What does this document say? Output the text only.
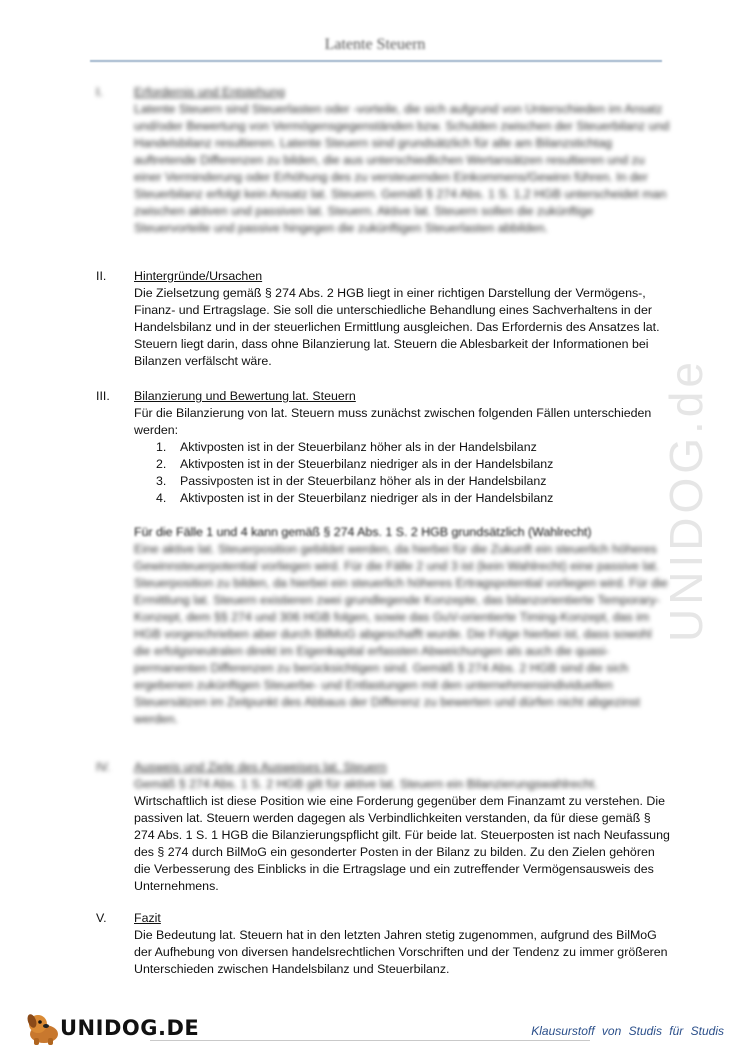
Latente Steuern
I.	Erfordernis und Entstehung
Latente Steuern sind Steuerlasten oder -vorteile, die sich aufgrund von Unterschieden im Ansatz und/oder Bewertung von Vermögensgegenständen bzw. Schulden zwischen der Steuerbilanz und Handelsbilanz resultieren. Latente Steuern sind grundsätzlich für alle am Bilanzstichtag auftretende Differenzen zu bilden, die aus unterschiedlichen Wertansätzen resultieren und zu einer Verminderung oder Erhöhung des zu versteuernden Einkommens/Gewinn führen. In der Steuerbilanz erfolgt kein Ansatz lat. Steuern. Gemäß § 274 Abs. 1 S. 1,2 HGB unterscheidet man zwischen aktiven und passiven lat. Steuern. Aktive lat. Steuern sollen die zukünftige Steuervorteile und passive hingegen die zukünftigen Steuerlasten abbilden.
II.	Hintergründe/Ursachen
Die Zielsetzung gemäß § 274 Abs. 2 HGB liegt in einer richtigen Darstellung der Vermögens-, Finanz- und Ertragslage. Sie soll die unterschiedliche Behandlung eines Sachverhaltens in der Handelsbilanz und in der steuerlichen Ermittlung ausgleichen. Das Erfordernis des Ansatzes lat. Steuern liegt darin, dass ohne Bilanzierung lat. Steuern die Ablesbarkeit der Informationen bei Bilanzen verfälscht wäre.
III.	Bilanzierung und Bewertung lat. Steuern
Für die Bilanzierung von lat. Steuern muss zunächst zwischen folgenden Fällen unterschieden werden:
1. Aktivposten ist in der Steuerbilanz höher als in der Handelsbilanz
2. Aktivposten ist in der Steuerbilanz niedriger als in der Handelsbilanz
3. Passivposten ist in der Steuerbilanz höher als in der Handelsbilanz
4. Aktivposten ist in der Steuerbilanz niedriger als in der Handelsbilanz
Für die Fälle 1 und 4 kann gemäß § 274 Abs. 1 S. 2 HGB grundsätzlich (Wahlrecht)
Eine aktive lat. Steuerposition gebildet werden, da hierbei für die Zukunft ein steuerlich höheres Gewinnsteuerpotential vorliegen wird. Für die Fälle 2 und 3 ist (kein Wahlrecht) eine passive lat. Steuerposition zu bilden, da hierbei ein steuerlich höheres Ertragspotential vorliegen wird. Für die Ermittlung lat. Steuern existieren zwei grundlegende Konzepte, das bilanzorientierte Temporary-Konzept, dem §§ 274 und 306 HGB folgen, sowie das GuV-orientierte Timing-Konzept, das im HGB vorgeschrieben aber durch BilMoG abgeschafft wurde. Die Folge hierbei ist, dass sowohl die erfolgsneutralen direkt im Eigenkapital erfassten Abweichungen als auch die quasi-permanenten Differenzen zu berücksichtigen sind. Gemäß § 274 Abs. 2 HGB sind die sich ergebenen zukünftigen Steuerbe- und Entlastungen mit den unternehmensindividuellen Steuersätzen im Zeitpunkt des Abbaus der Differenz zu bewerten und dürfen nicht abgezinst werden.
IV.	Ausweis und Ziele des Ausweises lat. Steuern
Gemäß § 274 Abs. 1 S. 2 HGB gilt für aktive lat. Steuern ein Bilanzierungswahlrecht.
Wirtschaftlich ist diese Position wie eine Forderung gegenüber dem Finanzamt zu verstehen. Die passiven lat. Steuern werden dagegen als Verbindlichkeiten verstanden, da für diese gemäß § 274 Abs. 1 S. 1 HGB die Bilanzierungspflicht gilt. Für beide lat. Steuerposten ist nach Neufassung des § 274 durch BilMoG ein gesonderter Posten in der Bilanz zu bilden. Zu den Zielen gehören die Verbesserung des Einblicks in die Ertragslage und ein zutreffender Vermögensausweis des Unternehmens.
V.	Fazit
Die Bedeutung lat. Steuern hat in den letzten Jahren stetig zugenommen, aufgrund des BilMoG der Aufhebung von diversen handelsrechtlichen Vorschriften und der Tendenz zu immer größeren Unterschieden zwischen Handelsbilanz und Steuerbilanz.
UNIDOG.de
UNIDOG.DE	Klausurstoff von Studis für Studis
